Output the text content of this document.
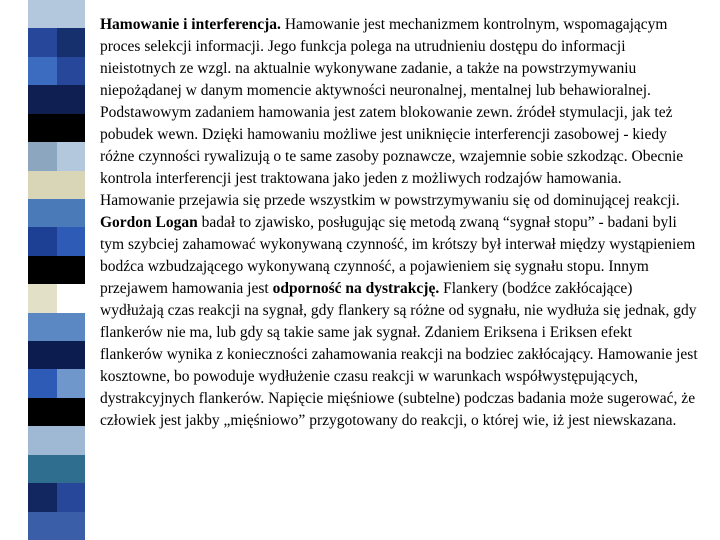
Hamowanie i interferencja. Hamowanie jest mechanizmem kontrolnym, wspomagającym proces selekcji informacji. Jego funkcja polega na utrudnieniu dostępu do informacji nieistotnych ze wzgl. na aktualnie wykonywane zadanie, a także na powstrzymywaniu niepożądanej w danym momencie aktywności neuronalnej, mentalnej lub behawioralnej. Podstawowym zadaniem hamowania jest zatem blokowanie zewn. źródeł stymulacji, jak też pobudek wewn. Dzięki hamowaniu możliwe jest uniknięcie interferencji zasobowej - kiedy różne czynności rywalizują o te same zasoby poznawcze, wzajemnie sobie szkodząc. Obecnie kontrola interferencji jest traktowana jako jeden z możliwych rodzajów hamowania. Hamowanie przejawia się przede wszystkim w powstrzymywaniu się od dominującej reakcji. Gordon Logan badał to zjawisko, posługując się metodą zwaną “sygnał stopu” - badani byli tym szybciej zahamować wykonywaną czynność, im krótszy był interwał między wystąpieniem bodźca wzbudzającego wykonywaną czynność, a pojawieniem się sygnału stopu. Innym przejawem hamowania jest odporność na dystrakcję. Flankery (bodźce zakłócające) wydłużają czas reakcji na sygnał, gdy flankery są różne od sygnału, nie wydłuża się jednak, gdy flankerów nie ma, lub gdy są takie same jak sygnał. Zdaniem Eriksena i Eriksen efekt flankerów wynika z konieczności zahamowania reakcji na bodziec zakłócający. Hamowanie jest kosztowne, bo powoduje wydłużenie czasu reakcji w warunkach współwystępujących, dystrakcyjnych flankerów. Napięcie mięśniowe (subtelne) podczas badania może sugerować, że człowiek jest jakby „mięśniowo” przygotowany do reakcji, o której wie, iż jest niewskazana.
